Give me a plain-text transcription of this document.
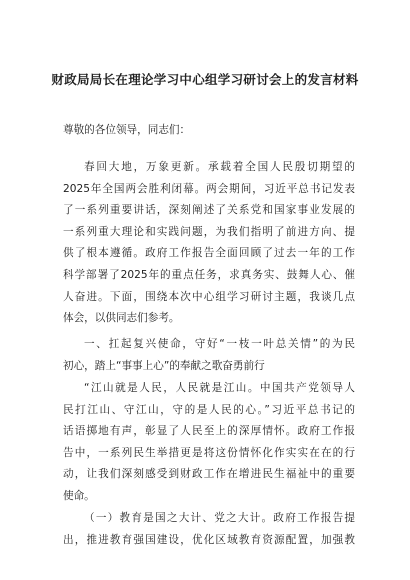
财政局局长在理论学习中心组学习研讨会上的发言材料
尊敬的各位领导，同志们：
春回大地，万象更新。承载着全国人民殷切期望的
2025年全国两会胜利闭幕。两会期间，习近平总书记发表
了一系列重要讲话，深刻阐述了关系党和国家事业发展的
一系列重大理论和实践问题，为我们指明了前进方向、提
供了根本遵循。政府工作报告全面回顾了过去一年的工作
科学部署了2025年的重点任务，求真务实、鼓舞人心、催
人奋进。下面，围绕本次中心组学习研讨主题，我谈几点
体会，以供同志们参考。
一、扛起复兴使命，守好“一枝一叶总关情”的为民
初心，踏上“事事上心”的奉献之歌奋勇前行
“江山就是人民，人民就是江山。中国共产党领导人
民打江山、守江山，守的是人民的心。”习近平总书记的
话语掷地有声，彰显了人民至上的深厚情怀。政府工作报
告中，一系列民生举措更是将这份情怀化作实实在在的行
动，让我们深刻感受到财政工作在增进民生福祉中的重要
使命。
（一）教育是国之大计、党之大计。政府工作报告提
出，推进教育强国建设，优化区域教育资源配置，加强教
